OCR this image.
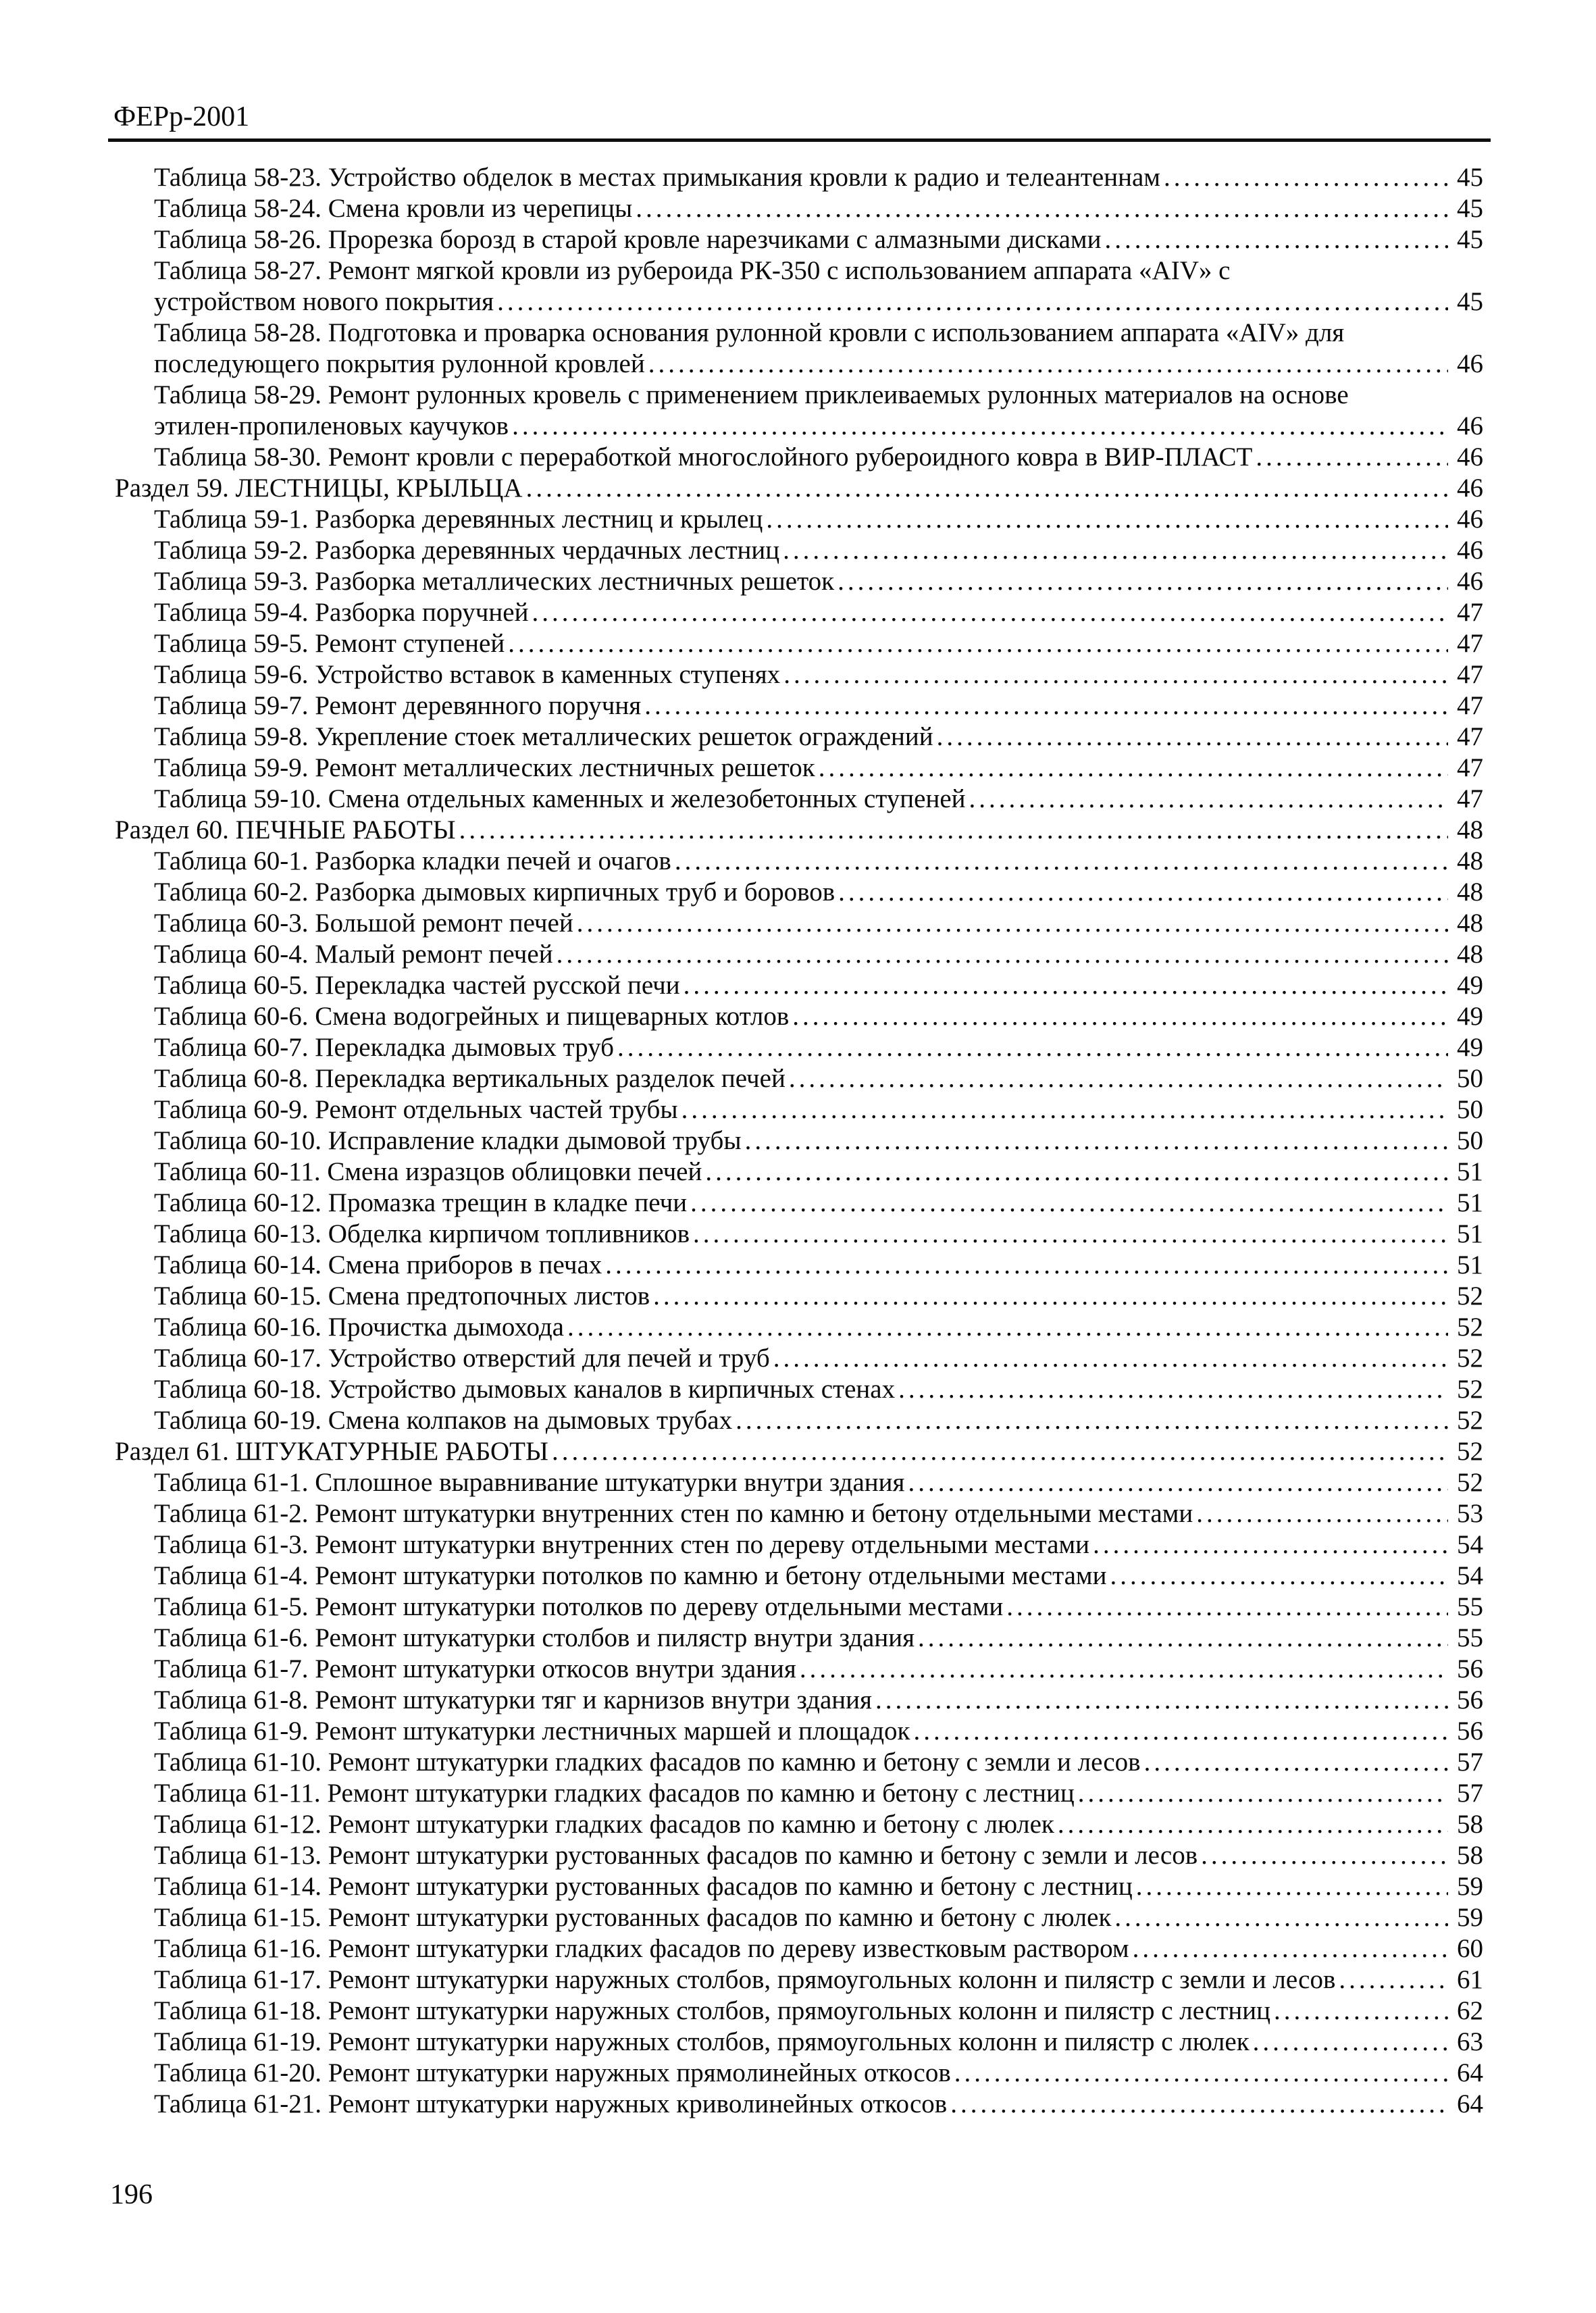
ФЕРр-2001
Таблица 58-23. Устройство обделок в местах примыкания кровли к радио и телеантеннам .....	45
Таблица 58-24. Смена кровли из черепицы .....	45
Таблица 58-26. Прорезка борозд в старой кровле нарезчиками с алмазными дисками .....	45
Таблица 58-27. Ремонт мягкой кровли из рубероида РК-350 с использованием аппарата «AIV» с
устройством нового покрытия .....	45
Таблица 58-28. Подготовка и проварка основания рулонной кровли с использованием аппарата «AIV» для
последующего покрытия рулонной кровлей .....	46
Таблица 58-29. Ремонт рулонных кровель с применением приклеиваемых рулонных материалов на основе
этилен-пропиленовых каучуков .....	46
Таблица 58-30. Ремонт кровли с переработкой многослойного рубероидного ковра в ВИР-ПЛАСТ .....	46
Раздел 59. ЛЕСТНИЦЫ, КРЫЛЬЦА .....	46
Таблица 59-1. Разборка деревянных лестниц и крылец .....	46
Таблица 59-2. Разборка деревянных чердачных лестниц .....	46
Таблица 59-3. Разборка металлических лестничных решеток .....	46
Таблица 59-4. Разборка поручней .....	47
Таблица 59-5. Ремонт ступеней .....	47
Таблица 59-6. Устройство вставок в каменных ступенях .....	47
Таблица 59-7. Ремонт деревянного поручня .....	47
Таблица 59-8. Укрепление стоек металлических решеток ограждений .....	47
Таблица 59-9. Ремонт металлических лестничных решеток .....	47
Таблица 59-10. Смена отдельных каменных и железобетонных ступеней .....	47
Раздел 60. ПЕЧНЫЕ РАБОТЫ .....	48
Таблица 60-1. Разборка кладки печей и очагов .....	48
Таблица 60-2. Разборка дымовых кирпичных труб и боровов .....	48
Таблица 60-3. Большой ремонт печей .....	48
Таблица 60-4. Малый ремонт печей .....	48
Таблица 60-5. Перекладка частей русской печи .....	49
Таблица 60-6. Смена водогрейных и пищеварных котлов .....	49
Таблица 60-7. Перекладка дымовых труб .....	49
Таблица 60-8. Перекладка вертикальных разделок печей .....	50
Таблица 60-9. Ремонт отдельных частей трубы .....	50
Таблица 60-10. Исправление кладки дымовой трубы .....	50
Таблица 60-11. Смена изразцов облицовки печей .....	51
Таблица 60-12. Промазка трещин в кладке печи .....	51
Таблица 60-13. Обделка кирпичом топливников .....	51
Таблица 60-14. Смена приборов в печах .....	51
Таблица 60-15. Смена предтопочных листов .....	52
Таблица 60-16. Прочистка дымохода .....	52
Таблица 60-17. Устройство отверстий для печей и труб .....	52
Таблица 60-18. Устройство дымовых каналов в кирпичных стенах .....	52
Таблица 60-19. Смена колпаков на дымовых трубах .....	52
Раздел 61. ШТУКАТУРНЫЕ РАБОТЫ .....	52
Таблица 61-1. Сплошное выравнивание штукатурки внутри здания .....	52
Таблица 61-2. Ремонт штукатурки внутренних стен по камню и бетону отдельными местами .....	53
Таблица 61-3. Ремонт штукатурки внутренних стен по дереву отдельными местами .....	54
Таблица 61-4. Ремонт штукатурки потолков по камню и бетону отдельными местами .....	54
Таблица 61-5. Ремонт штукатурки потолков по дереву отдельными местами .....	55
Таблица 61-6. Ремонт штукатурки столбов и пилястр внутри здания .....	55
Таблица 61-7. Ремонт штукатурки откосов внутри здания .....	56
Таблица 61-8. Ремонт штукатурки тяг и карнизов внутри здания .....	56
Таблица 61-9. Ремонт штукатурки лестничных маршей и площадок .....	56
Таблица 61-10. Ремонт штукатурки гладких фасадов по камню и бетону с земли и лесов .....	57
Таблица 61-11. Ремонт штукатурки гладких фасадов по камню и бетону с лестниц .....	57
Таблица 61-12. Ремонт штукатурки гладких фасадов по камню и бетону с люлек .....	58
Таблица 61-13. Ремонт штукатурки рустованных фасадов по камню и бетону с земли и лесов .....	58
Таблица 61-14. Ремонт штукатурки рустованных фасадов по камню и бетону с лестниц .....	59
Таблица 61-15. Ремонт штукатурки рустованных фасадов по камню и бетону с люлек .....	59
Таблица 61-16. Ремонт штукатурки гладких фасадов по дереву известковым раствором .....	60
Таблица 61-17. Ремонт штукатурки наружных столбов, прямоугольных колонн и пилястр с земли и лесов .....	61
Таблица 61-18. Ремонт штукатурки наружных столбов, прямоугольных колонн и пилястр с лестниц .....	62
Таблица 61-19. Ремонт штукатурки наружных столбов, прямоугольных колонн и пилястр с люлек .....	63
Таблица 61-20. Ремонт штукатурки наружных прямолинейных откосов .....	64
Таблица 61-21. Ремонт штукатурки наружных криволинейных откосов .....	64
196
